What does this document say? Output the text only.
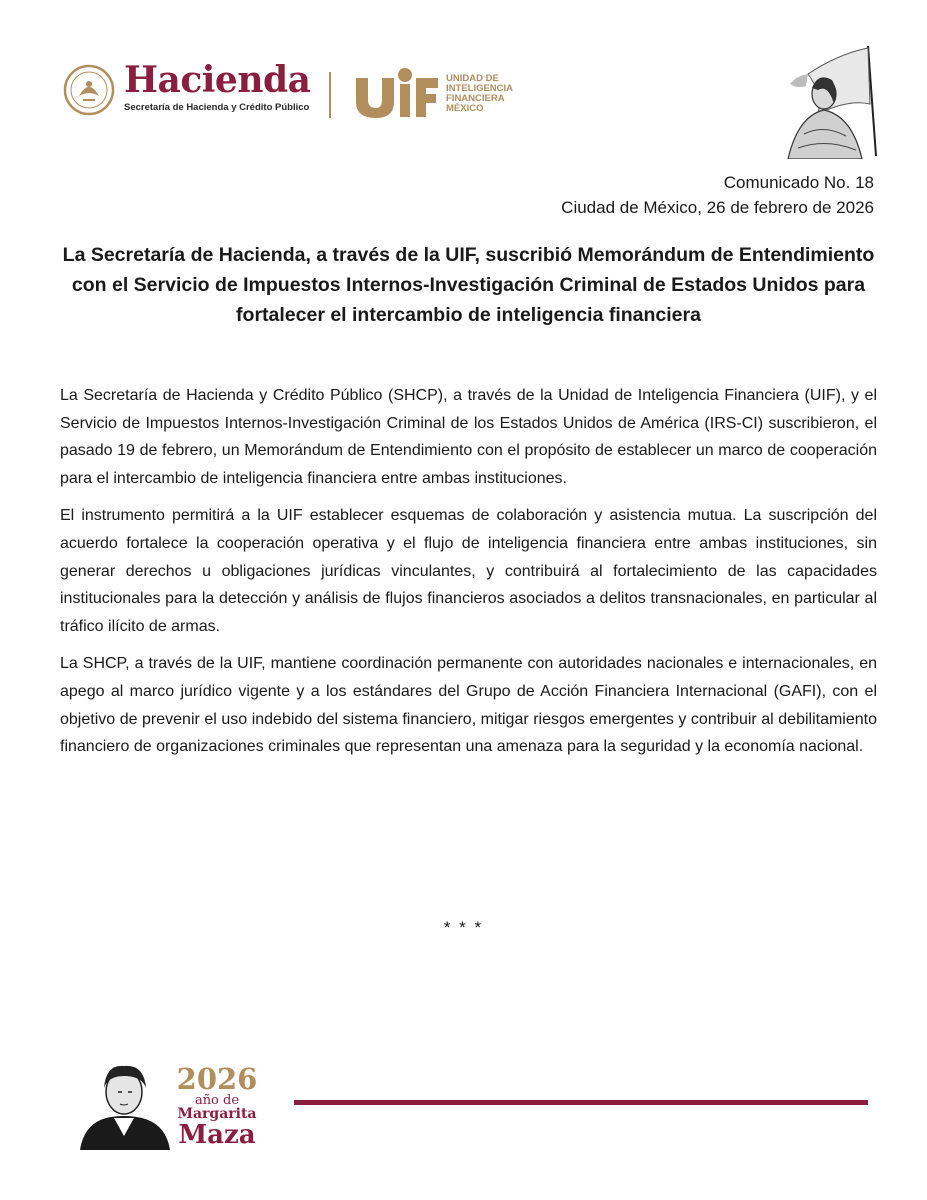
Hacienda
Secretaría de Hacienda y Crédito Público
UIF
UNIDAD DE
INTELIGENCIA
FINANCIERA
MÉXICO
Comunicado No. 18
Ciudad de México, 26 de febrero de 2026
La Secretaría de Hacienda, a través de la UIF, suscribió Memorándum de Entendimiento con el Servicio de Impuestos Internos-Investigación Criminal de Estados Unidos para fortalecer el intercambio de inteligencia financiera

La Secretaría de Hacienda y Crédito Público (SHCP), a través de la Unidad de Inteligencia Financiera (UIF), y el Servicio de Impuestos Internos-Investigación Criminal de los Estados Unidos de América (IRS-CI) suscribieron, el pasado 19 de febrero, un Memorándum de Entendimiento con el propósito de establecer un marco de cooperación para el intercambio de inteligencia financiera entre ambas instituciones.

El instrumento permitirá a la UIF establecer esquemas de colaboración y asistencia mutua. La suscripción del acuerdo fortalece la cooperación operativa y el flujo de inteligencia financiera entre ambas instituciones, sin generar derechos u obligaciones jurídicas vinculantes, y contribuirá al fortalecimiento de las capacidades institucionales para la detección y análisis de flujos financieros asociados a delitos transnacionales, en particular al tráfico ilícito de armas.

La SHCP, a través de la UIF, mantiene coordinación permanente con autoridades nacionales e internacionales, en apego al marco jurídico vigente y a los estándares del Grupo de Acción Financiera Internacional (GAFI), con el objetivo de prevenir el uso indebido del sistema financiero, mitigar riesgos emergentes y contribuir al debilitamiento financiero de organizaciones criminales que representan una amenaza para la seguridad y la economía nacional.

* * *
2026
año de
Margarita
Maza
